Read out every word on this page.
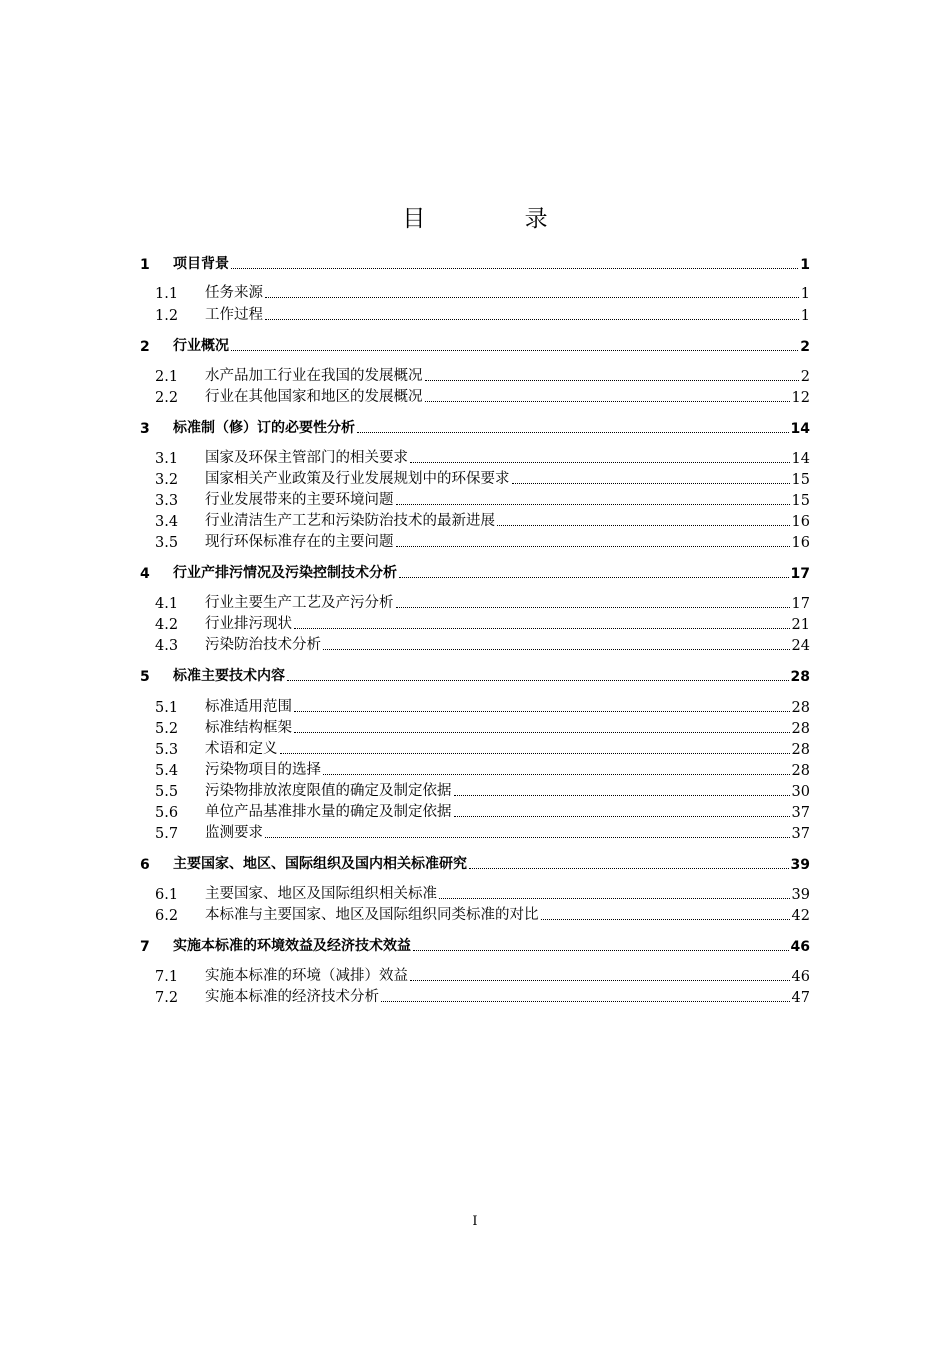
目 录
1	项目背景	1
1.1	任务来源	1
1.2	工作过程	1
2	行业概况	2
2.1	水产品加工行业在我国的发展概况	2
2.2	行业在其他国家和地区的发展概况	12
3	标准制（修）订的必要性分析	14
3.1	国家及环保主管部门的相关要求	14
3.2	国家相关产业政策及行业发展规划中的环保要求	15
3.3	行业发展带来的主要环境问题	15
3.4	行业清洁生产工艺和污染防治技术的最新进展	16
3.5	现行环保标准存在的主要问题	16
4	行业产排污情况及污染控制技术分析	17
4.1	行业主要生产工艺及产污分析	17
4.2	行业排污现状	21
4.3	污染防治技术分析	24
5	标准主要技术内容	28
5.1	标准适用范围	28
5.2	标准结构框架	28
5.3	术语和定义	28
5.4	污染物项目的选择	28
5.5	污染物排放浓度限值的确定及制定依据	30
5.6	单位产品基准排水量的确定及制定依据	37
5.7	监测要求	37
6	主要国家、地区、国际组织及国内相关标准研究	39
6.1	主要国家、地区及国际组织相关标准	39
6.2	本标准与主要国家、地区及国际组织同类标准的对比	42
7	实施本标准的环境效益及经济技术效益	46
7.1	实施本标准的环境（减排）效益	46
7.2	实施本标准的经济技术分析	47
I
